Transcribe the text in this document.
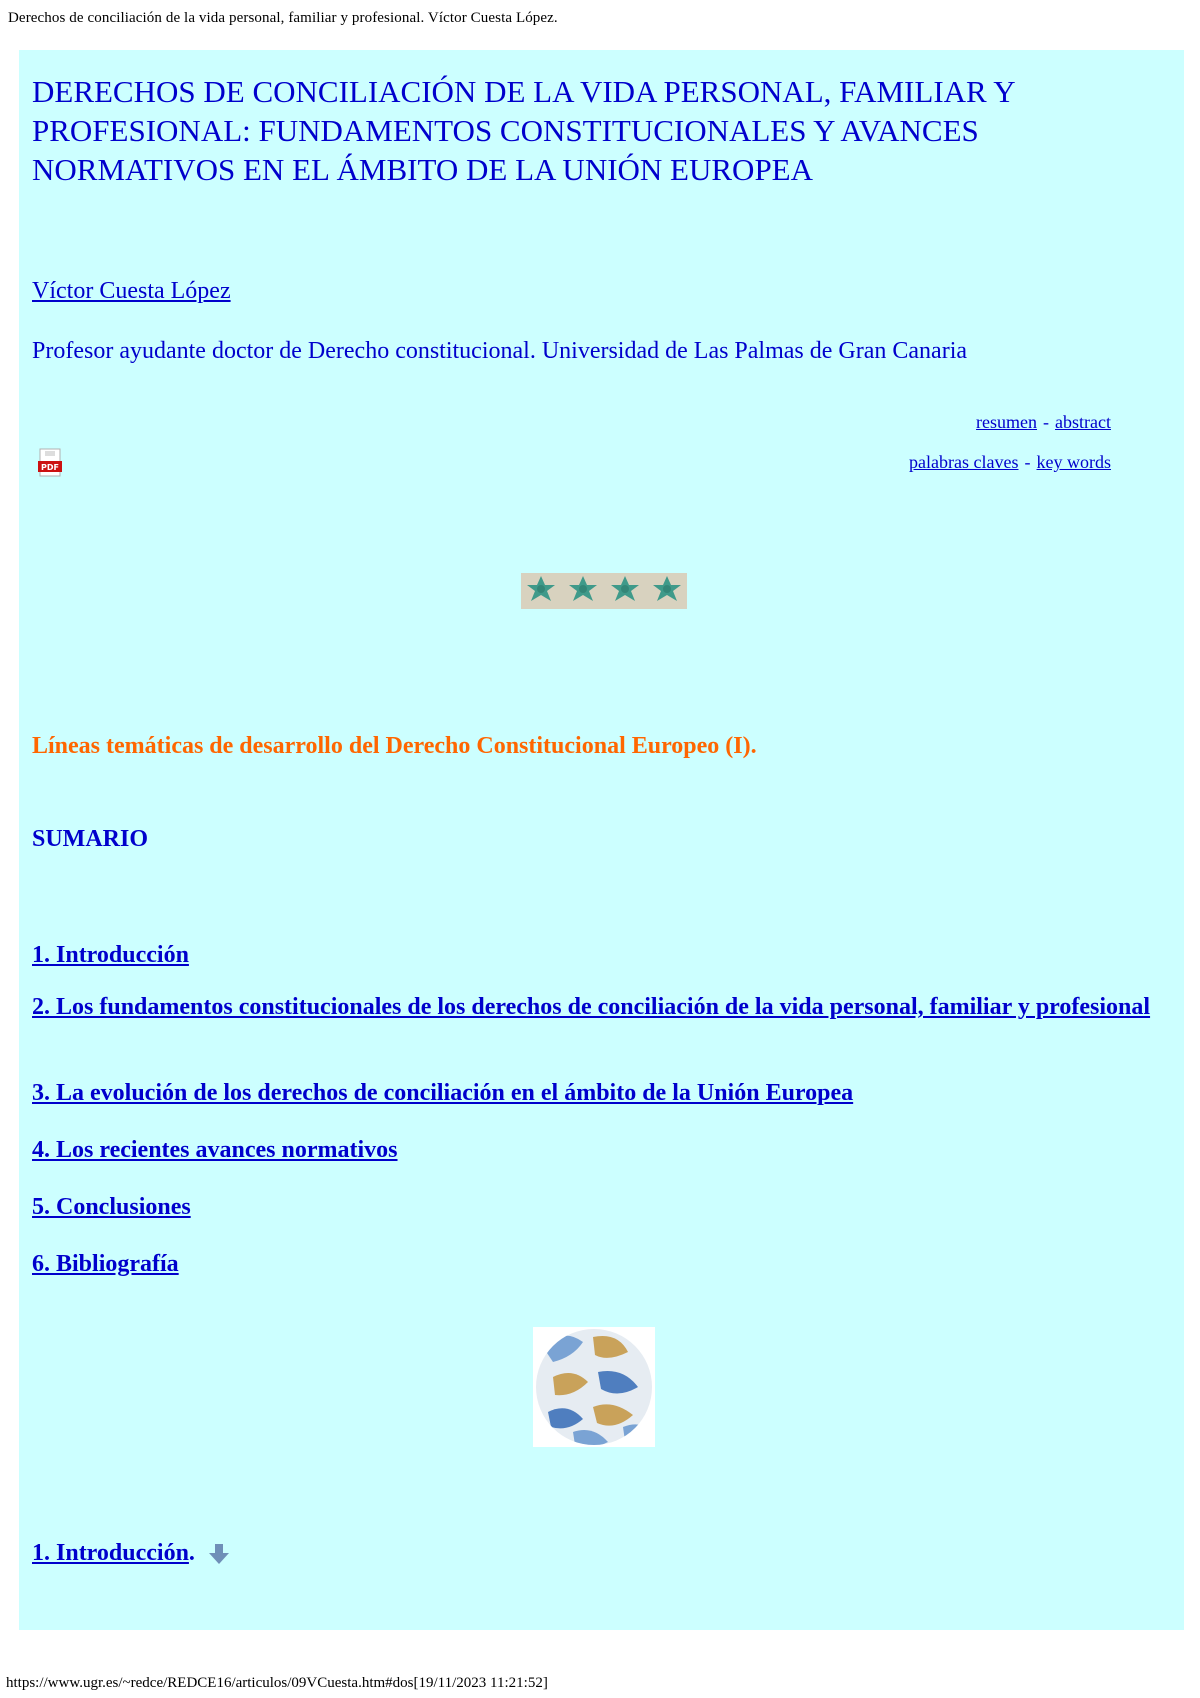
Derechos de conciliación de la vida personal, familiar y profesional. Víctor Cuesta López.
DERECHOS DE CONCILIACIÓN DE LA VIDA PERSONAL, FAMILIAR Y PROFESIONAL: FUNDAMENTOS CONSTITUCIONALES Y AVANCES NORMATIVOS EN EL ÁMBITO DE LA UNIÓN EUROPEA
Víctor Cuesta López
Profesor ayudante doctor de Derecho constitucional. Universidad de Las Palmas de Gran Canaria
resumen - abstract
palabras claves - key words
PDF
Líneas temáticas de desarrollo del Derecho Constitucional Europeo (I).
SUMARIO
1. Introducción
2. Los fundamentos constitucionales de los derechos de conciliación de la vida personal, familiar y profesional
3. La evolución de los derechos de conciliación en el ámbito de la Unión Europea
4. Los recientes avances normativos
5. Conclusiones
6. Bibliografía
1. Introducción.
https://www.ugr.es/~redce/REDCE16/articulos/09VCuesta.htm#dos[19/11/2023 11:21:52]
